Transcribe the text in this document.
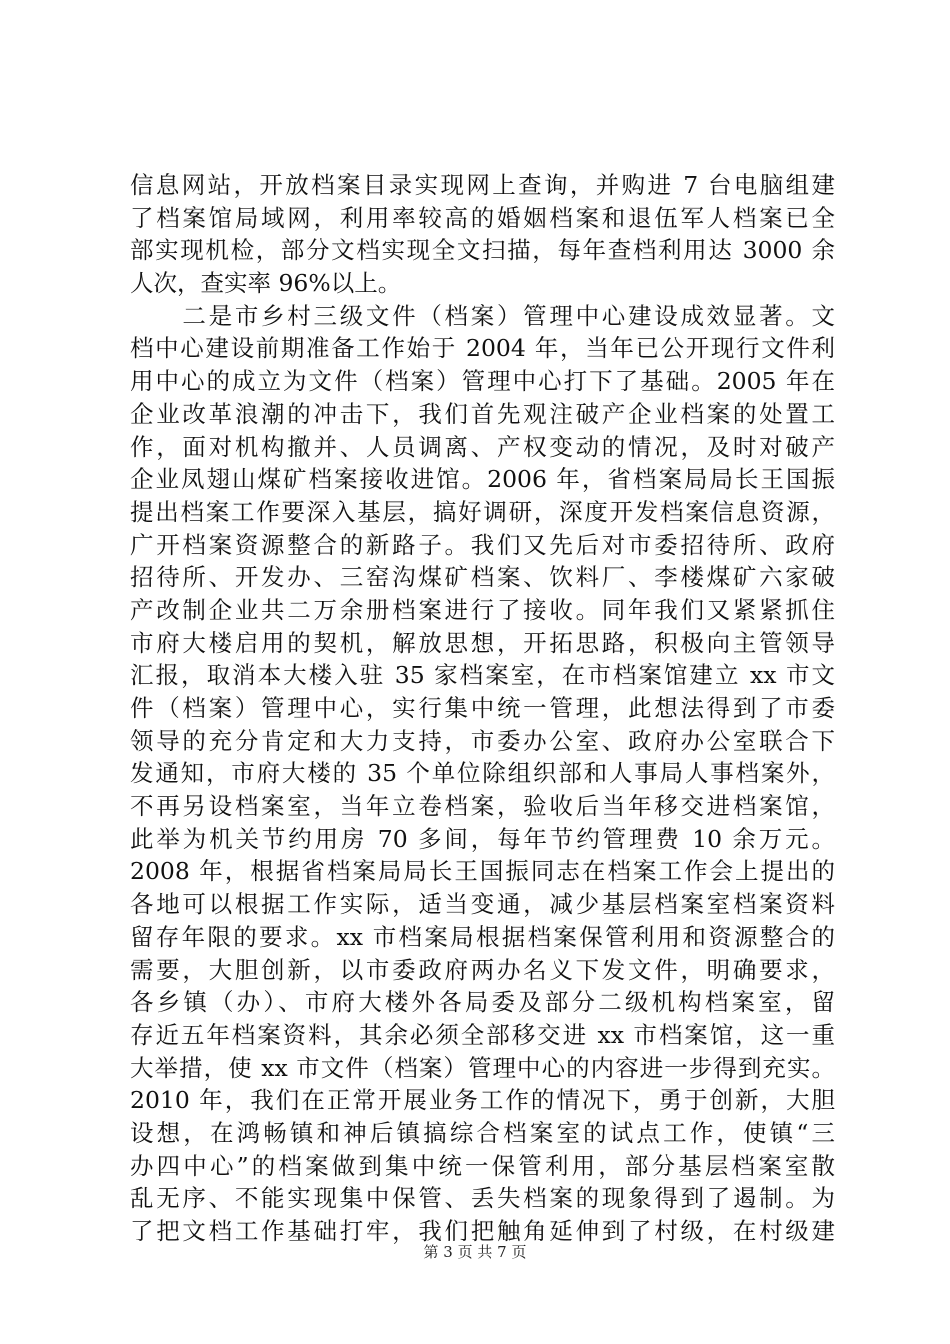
信息网站，开放档案目录实现网上查询，并购进 7 台电脑组建
了档案馆局域网，利用率较高的婚姻档案和退伍军人档案已全
部实现机检，部分文档实现全文扫描，每年查档利用达 3000 余
人次，查实率 96%以上。
　　二是市乡村三级文件（档案）管理中心建设成效显著。文
档中心建设前期准备工作始于 2004 年，当年已公开现行文件利
用中心的成立为文件（档案）管理中心打下了基础。2005 年在
企业改革浪潮的冲击下，我们首先观注破产企业档案的处置工
作，面对机构撤并、人员调离、产权变动的情况，及时对破产
企业凤翅山煤矿档案接收进馆。2006 年，省档案局局长王国振
提出档案工作要深入基层，搞好调研，深度开发档案信息资源，
广开档案资源整合的新路子。我们又先后对市委招待所、政府
招待所、开发办、三窑沟煤矿档案、饮料厂、李楼煤矿六家破
产改制企业共二万余册档案进行了接收。同年我们又紧紧抓住
市府大楼启用的契机，解放思想，开拓思路，积极向主管领导
汇报，取消本大楼入驻 35 家档案室，在市档案馆建立 xx 市文
件（档案）管理中心，实行集中统一管理，此想法得到了市委
领导的充分肯定和大力支持，市委办公室、政府办公室联合下
发通知，市府大楼的 35 个单位除组织部和人事局人事档案外，
不再另设档案室，当年立卷档案，验收后当年移交进档案馆，
此举为机关节约用房 70 多间，每年节约管理费 10 余万元。
2008 年，根据省档案局局长王国振同志在档案工作会上提出的
各地可以根据工作实际，适当变通，减少基层档案室档案资料
留存年限的要求。xx 市档案局根据档案保管利用和资源整合的
需要，大胆创新，以市委政府两办名义下发文件，明确要求，
各乡镇（办）、市府大楼外各局委及部分二级机构档案室，留
存近五年档案资料，其余必须全部移交进 xx 市档案馆，这一重
大举措，使 xx 市文件（档案）管理中心的内容进一步得到充实。
2010 年，我们在正常开展业务工作的情况下，勇于创新，大胆
设想，在鸿畅镇和神后镇搞综合档案室的试点工作，使镇“三
办四中心”的档案做到集中统一保管利用，部分基层档案室散
乱无序、不能实现集中保管、丢失档案的现象得到了遏制。为
了把文档工作基础打牢，我们把触角延伸到了村级，在村级建
第 3 页 共 7 页
